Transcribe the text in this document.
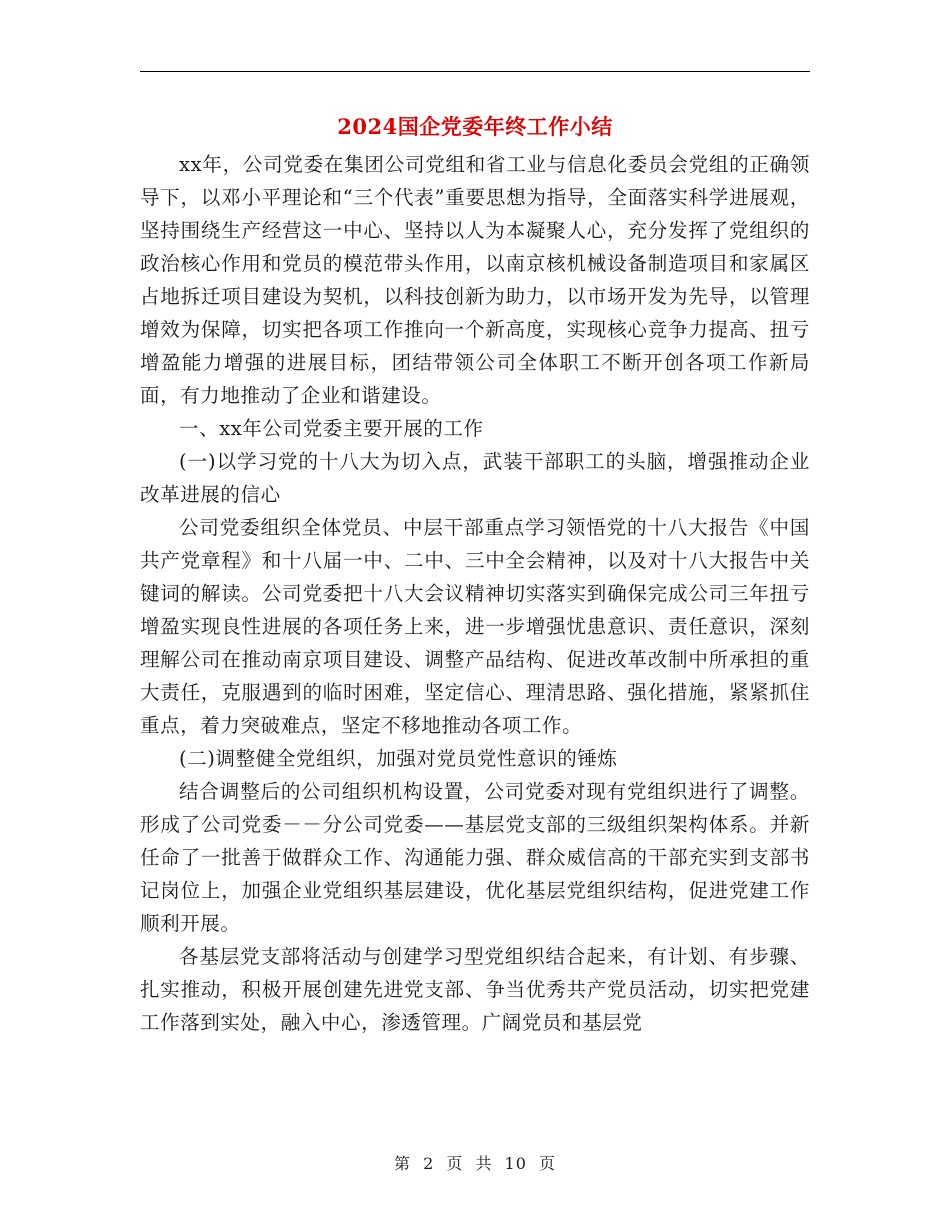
2024国企党委年终工作小结

xx年，公司党委在集团公司党组和省工业与信息化委员会党组的正确领导下，以邓小平理论和“三个代表”重要思想为指导，全面落实科学进展观，坚持围绕生产经营这一中心、坚持以人为本凝聚人心，充分发挥了党组织的政治核心作用和党员的模范带头作用，以南京核机械设备制造项目和家属区占地拆迁项目建设为契机，以科技创新为助力，以市场开发为先导，以管理增效为保障，切实把各项工作推向一个新高度，实现核心竞争力提高、扭亏增盈能力增强的进展目标，团结带领公司全体职工不断开创各项工作新局面，有力地推动了企业和谐建设。

一、xx年公司党委主要开展的工作

(一)以学习党的十八大为切入点，武装干部职工的头脑，增强推动企业改革进展的信心

公司党委组织全体党员、中层干部重点学习领悟党的十八大报告《中国共产党章程》和十八届一中、二中、三中全会精神，以及对十八大报告中关键词的解读。公司党委把十八大会议精神切实落实到确保完成公司三年扭亏增盈实现良性进展的各项任务上来，进一步增强忧患意识、责任意识，深刻理解公司在推动南京项目建设、调整产品结构、促进改革改制中所承担的重大责任，克服遇到的临时困难，坚定信心、理清思路、强化措施，紧紧抓住重点，着力突破难点，坚定不移地推动各项工作。

(二)调整健全党组织，加强对党员党性意识的锤炼

结合调整后的公司组织机构设置，公司党委对现有党组织进行了调整。形成了公司党委－－分公司党委——基层党支部的三级组织架构体系。并新任命了一批善于做群众工作、沟通能力强、群众威信高的干部充实到支部书记岗位上，加强企业党组织基层建设，优化基层党组织结构，促进党建工作顺利开展。

各基层党支部将活动与创建学习型党组织结合起来，有计划、有步骤、扎实推动，积极开展创建先进党支部、争当优秀共产党员活动，切实把党建工作落到实处，融入中心，渗透管理。广阔党员和基层党

第 2 页 共 10 页
